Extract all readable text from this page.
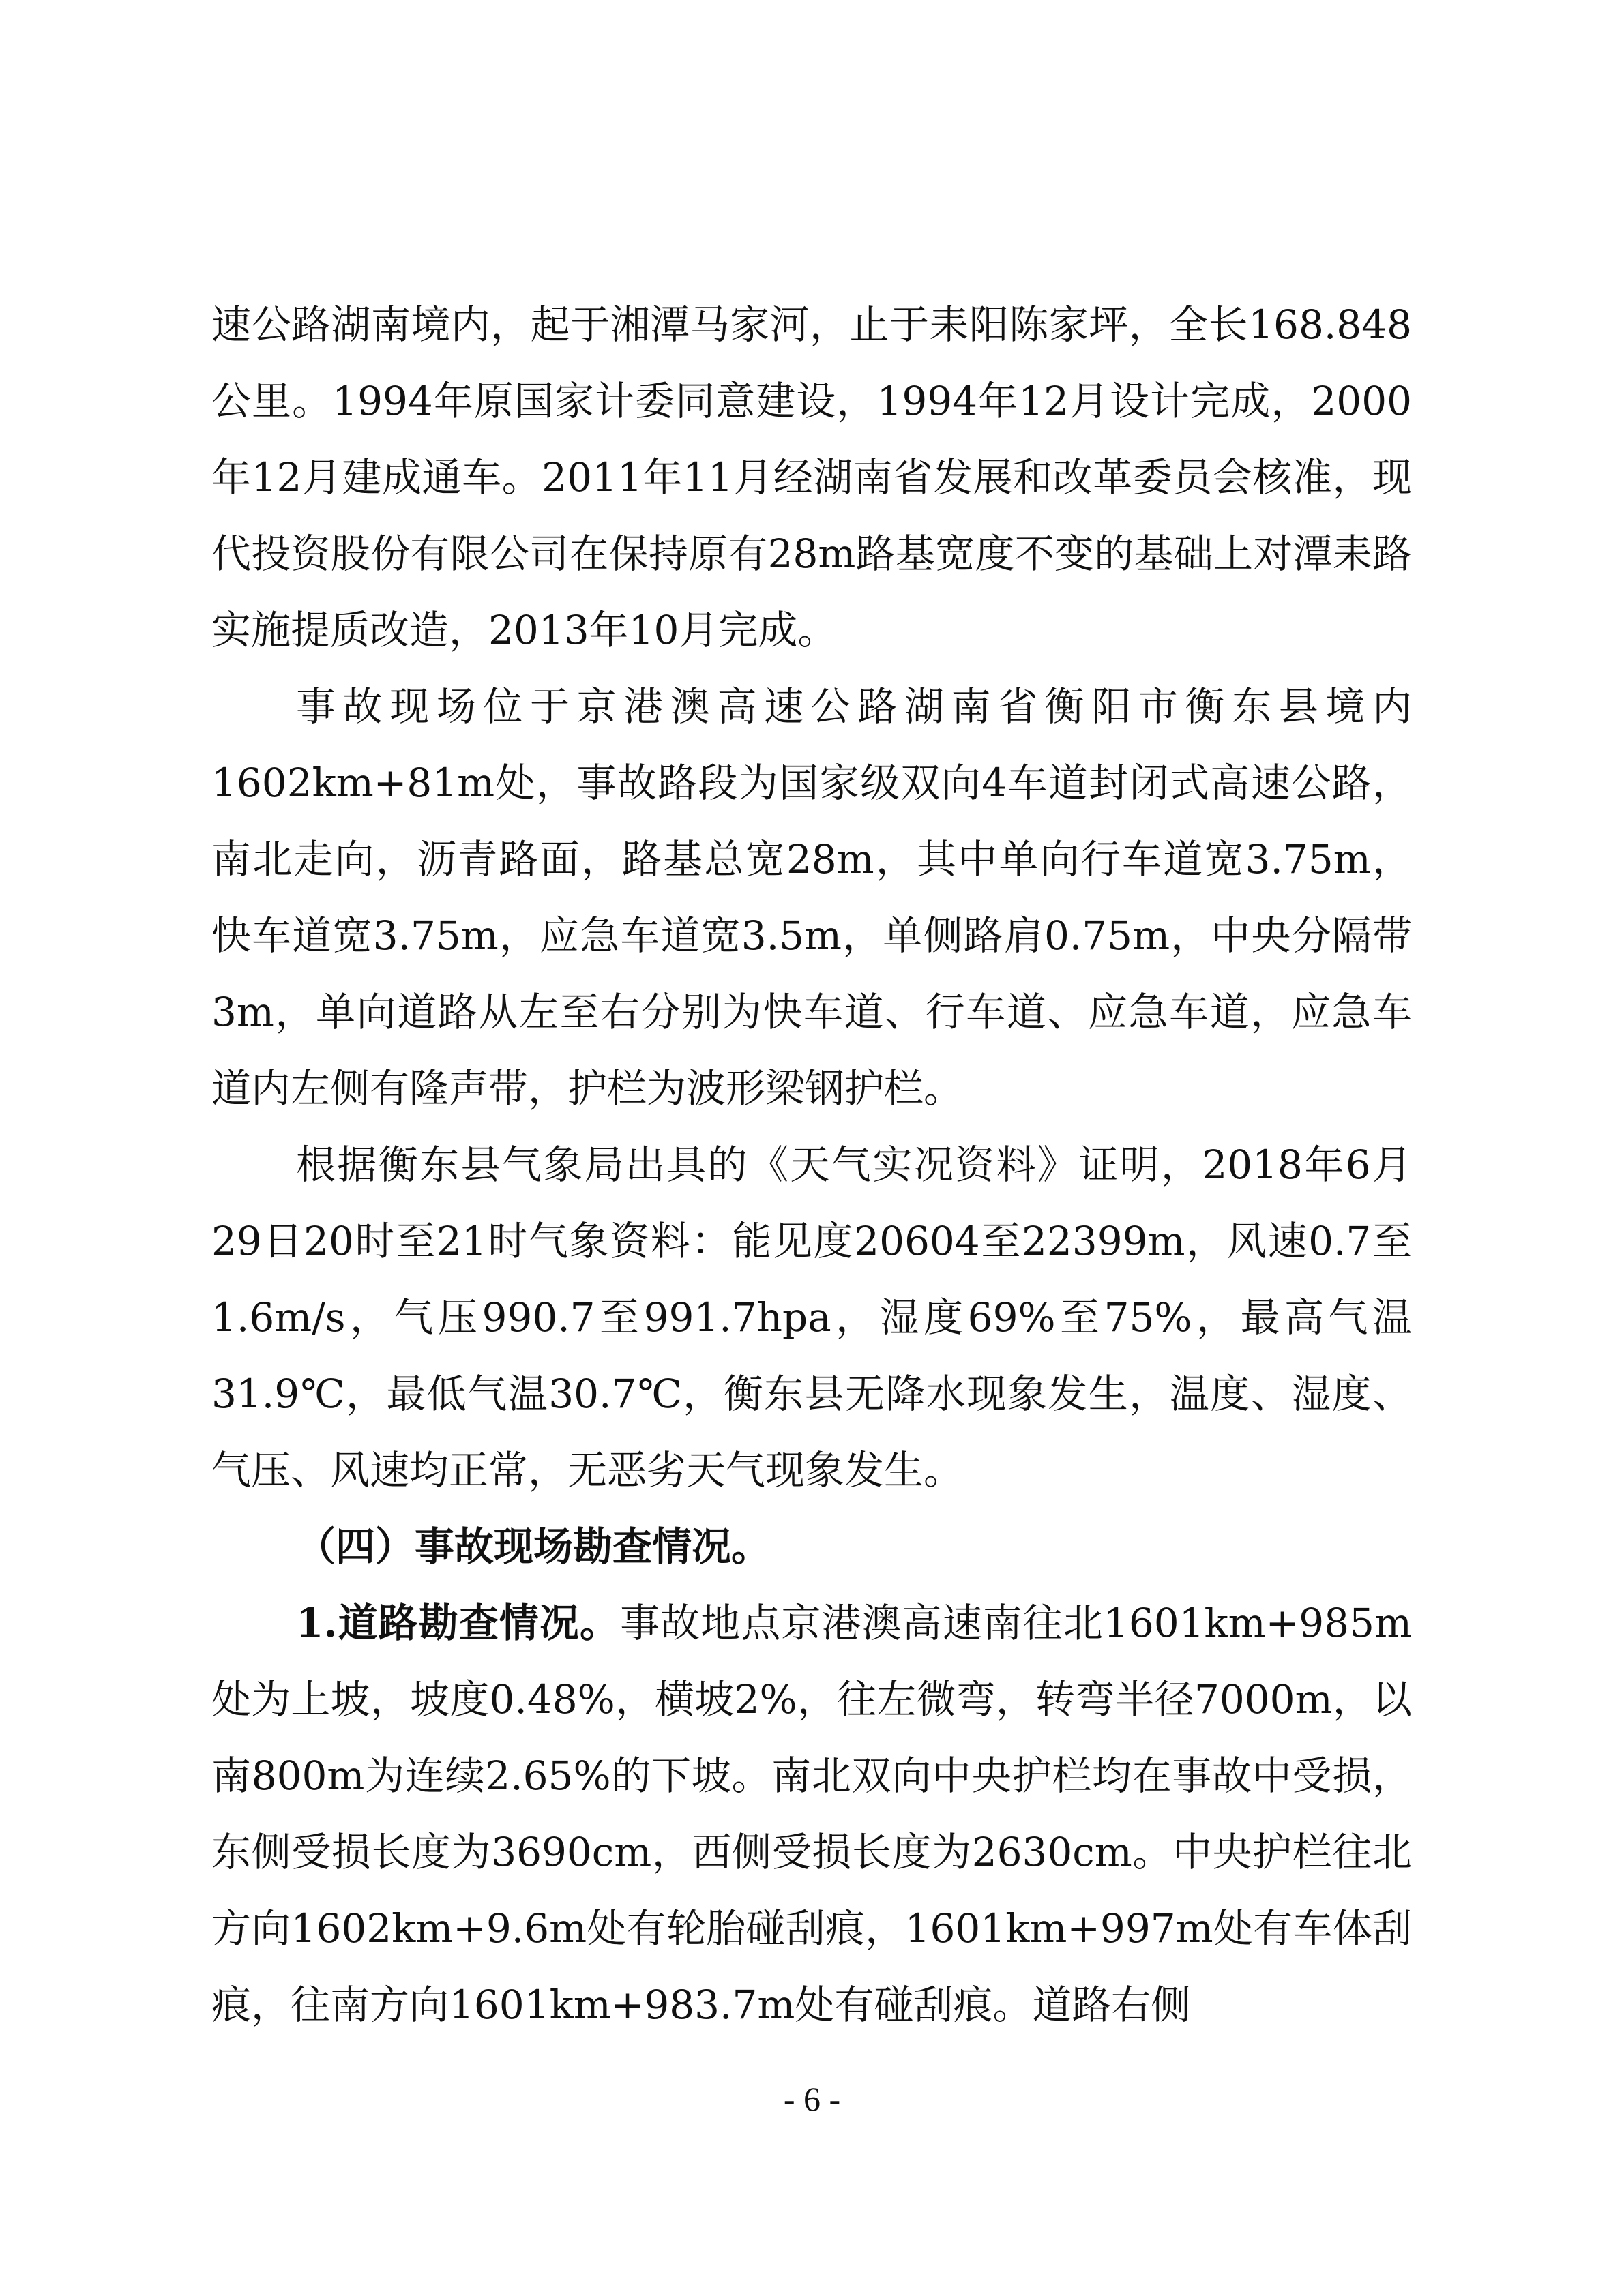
速公路湖南境内，起于湘潭马家河，止于耒阳陈家坪，全长168.848公里。1994年原国家计委同意建设，1994年12月设计完成，2000年12月建成通车。2011年11月经湖南省发展和改革委员会核准，现代投资股份有限公司在保持原有28m路基宽度不变的基础上对潭耒路实施提质改造，2013年10月完成。

事故现场位于京港澳高速公路湖南省衡阳市衡东县境内1602km+81m处，事故路段为国家级双向4车道封闭式高速公路，南北走向，沥青路面，路基总宽28m，其中单向行车道宽3.75m，快车道宽3.75m，应急车道宽3.5m，单侧路肩0.75m，中央分隔带3m，单向道路从左至右分别为快车道、行车道、应急车道，应急车道内左侧有隆声带，护栏为波形梁钢护栏。

根据衡东县气象局出具的《天气实况资料》证明，2018年6月29日20时至21时气象资料：能见度20604至22399m，风速0.7至1.6m/s，气压990.7至991.7hpa，湿度69%至75%，最高气温31.9℃，最低气温30.7℃，衡东县无降水现象发生，温度、湿度、气压、风速均正常，无恶劣天气现象发生。

（四）事故现场勘查情况。

1.道路勘查情况。事故地点京港澳高速南往北1601km+985m处为上坡，坡度0.48%，横坡2%，往左微弯，转弯半径7000m，以南800m为连续2.65%的下坡。南北双向中央护栏均在事故中受损，东侧受损长度为3690cm，西侧受损长度为2630cm。中央护栏往北方向1602km+9.6m处有轮胎碰刮痕，1601km+997m处有车体刮痕，往南方向1601km+983.7m处有碰刮痕。道路右侧

- 6 -
